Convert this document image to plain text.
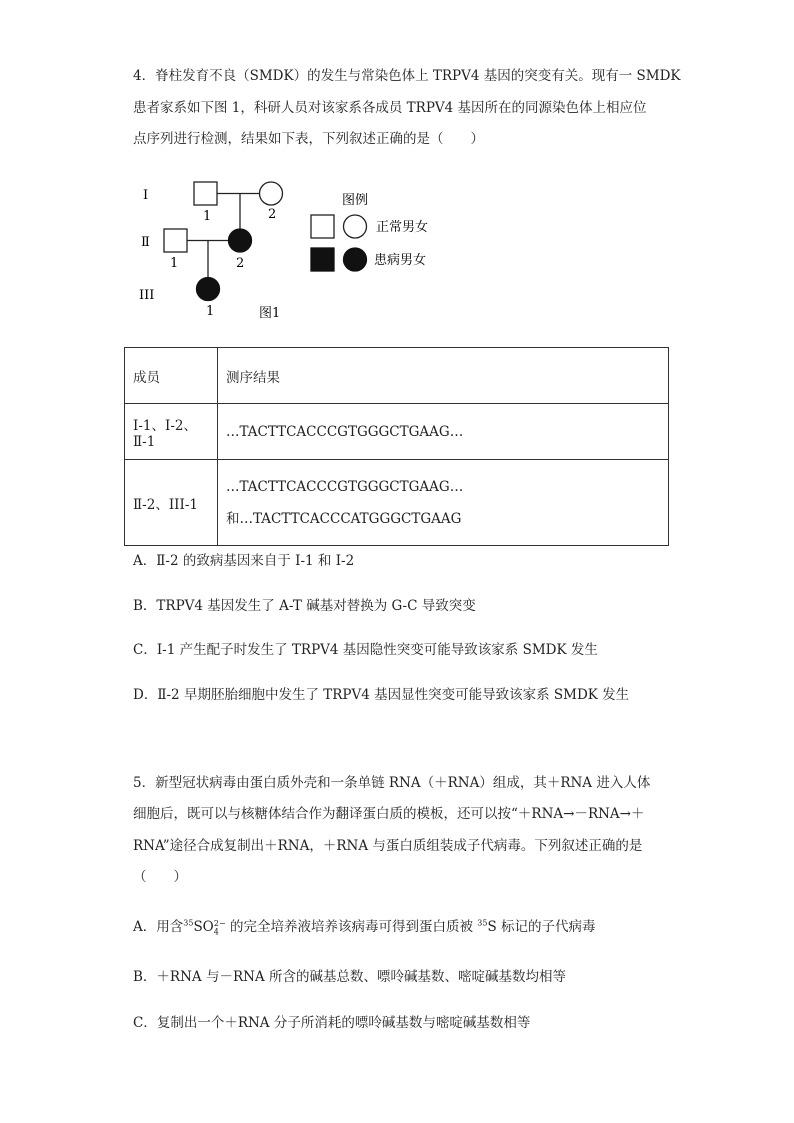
4．脊柱发育不良（SMDK）的发生与常染色体上 TRPV4 基因的突变有关。现有一 SMDK
患者家系如下图 1，科研人员对该家系各成员 TRPV4 基因所在的同源染色体上相应位
点序列进行检测，结果如下表，下列叙述正确的是（　　）
I
Ⅱ
III
1	2
1	2
1
图例
正常男女
患病男女
图1
成员	测序结果
I-1、I-2、Ⅱ-1	…TACTTCACCCGTGGGCTGAAG…
Ⅱ-2、III-1	…TACTTCACCCGTGGGCTGAAG…
和…TACTTCACCCATGGGCTGAAG
A．Ⅱ-2 的致病基因来自于 I-1 和 I-2
B．TRPV4 基因发生了 A-T 碱基对替换为 G-C 导致突变
C．I-1 产生配子时发生了 TRPV4 基因隐性突变可能导致该家系 SMDK 发生
D．Ⅱ-2 早期胚胎细胞中发生了 TRPV4 基因显性突变可能导致该家系 SMDK 发生
5．新型冠状病毒由蛋白质外壳和一条单链 RNA（＋RNA）组成，其＋RNA 进入人体
细胞后，既可以与核糖体结合作为翻译蛋白质的模板，还可以按“＋RNA→－RNA→＋
RNA”途径合成复制出＋RNA，＋RNA 与蛋白质组装成子代病毒。下列叙述正确的是
（　　）
A．用含$^{35}SO_4^{2-}$ 的完全培养液培养该病毒可得到蛋白质被 $^{35}$S 标记的子代病毒
B．＋RNA 与－RNA 所含的碱基总数、嘌呤碱基数、嘧啶碱基数均相等
C．复制出一个＋RNA 分子所消耗的嘌呤碱基数与嘧啶碱基数相等
